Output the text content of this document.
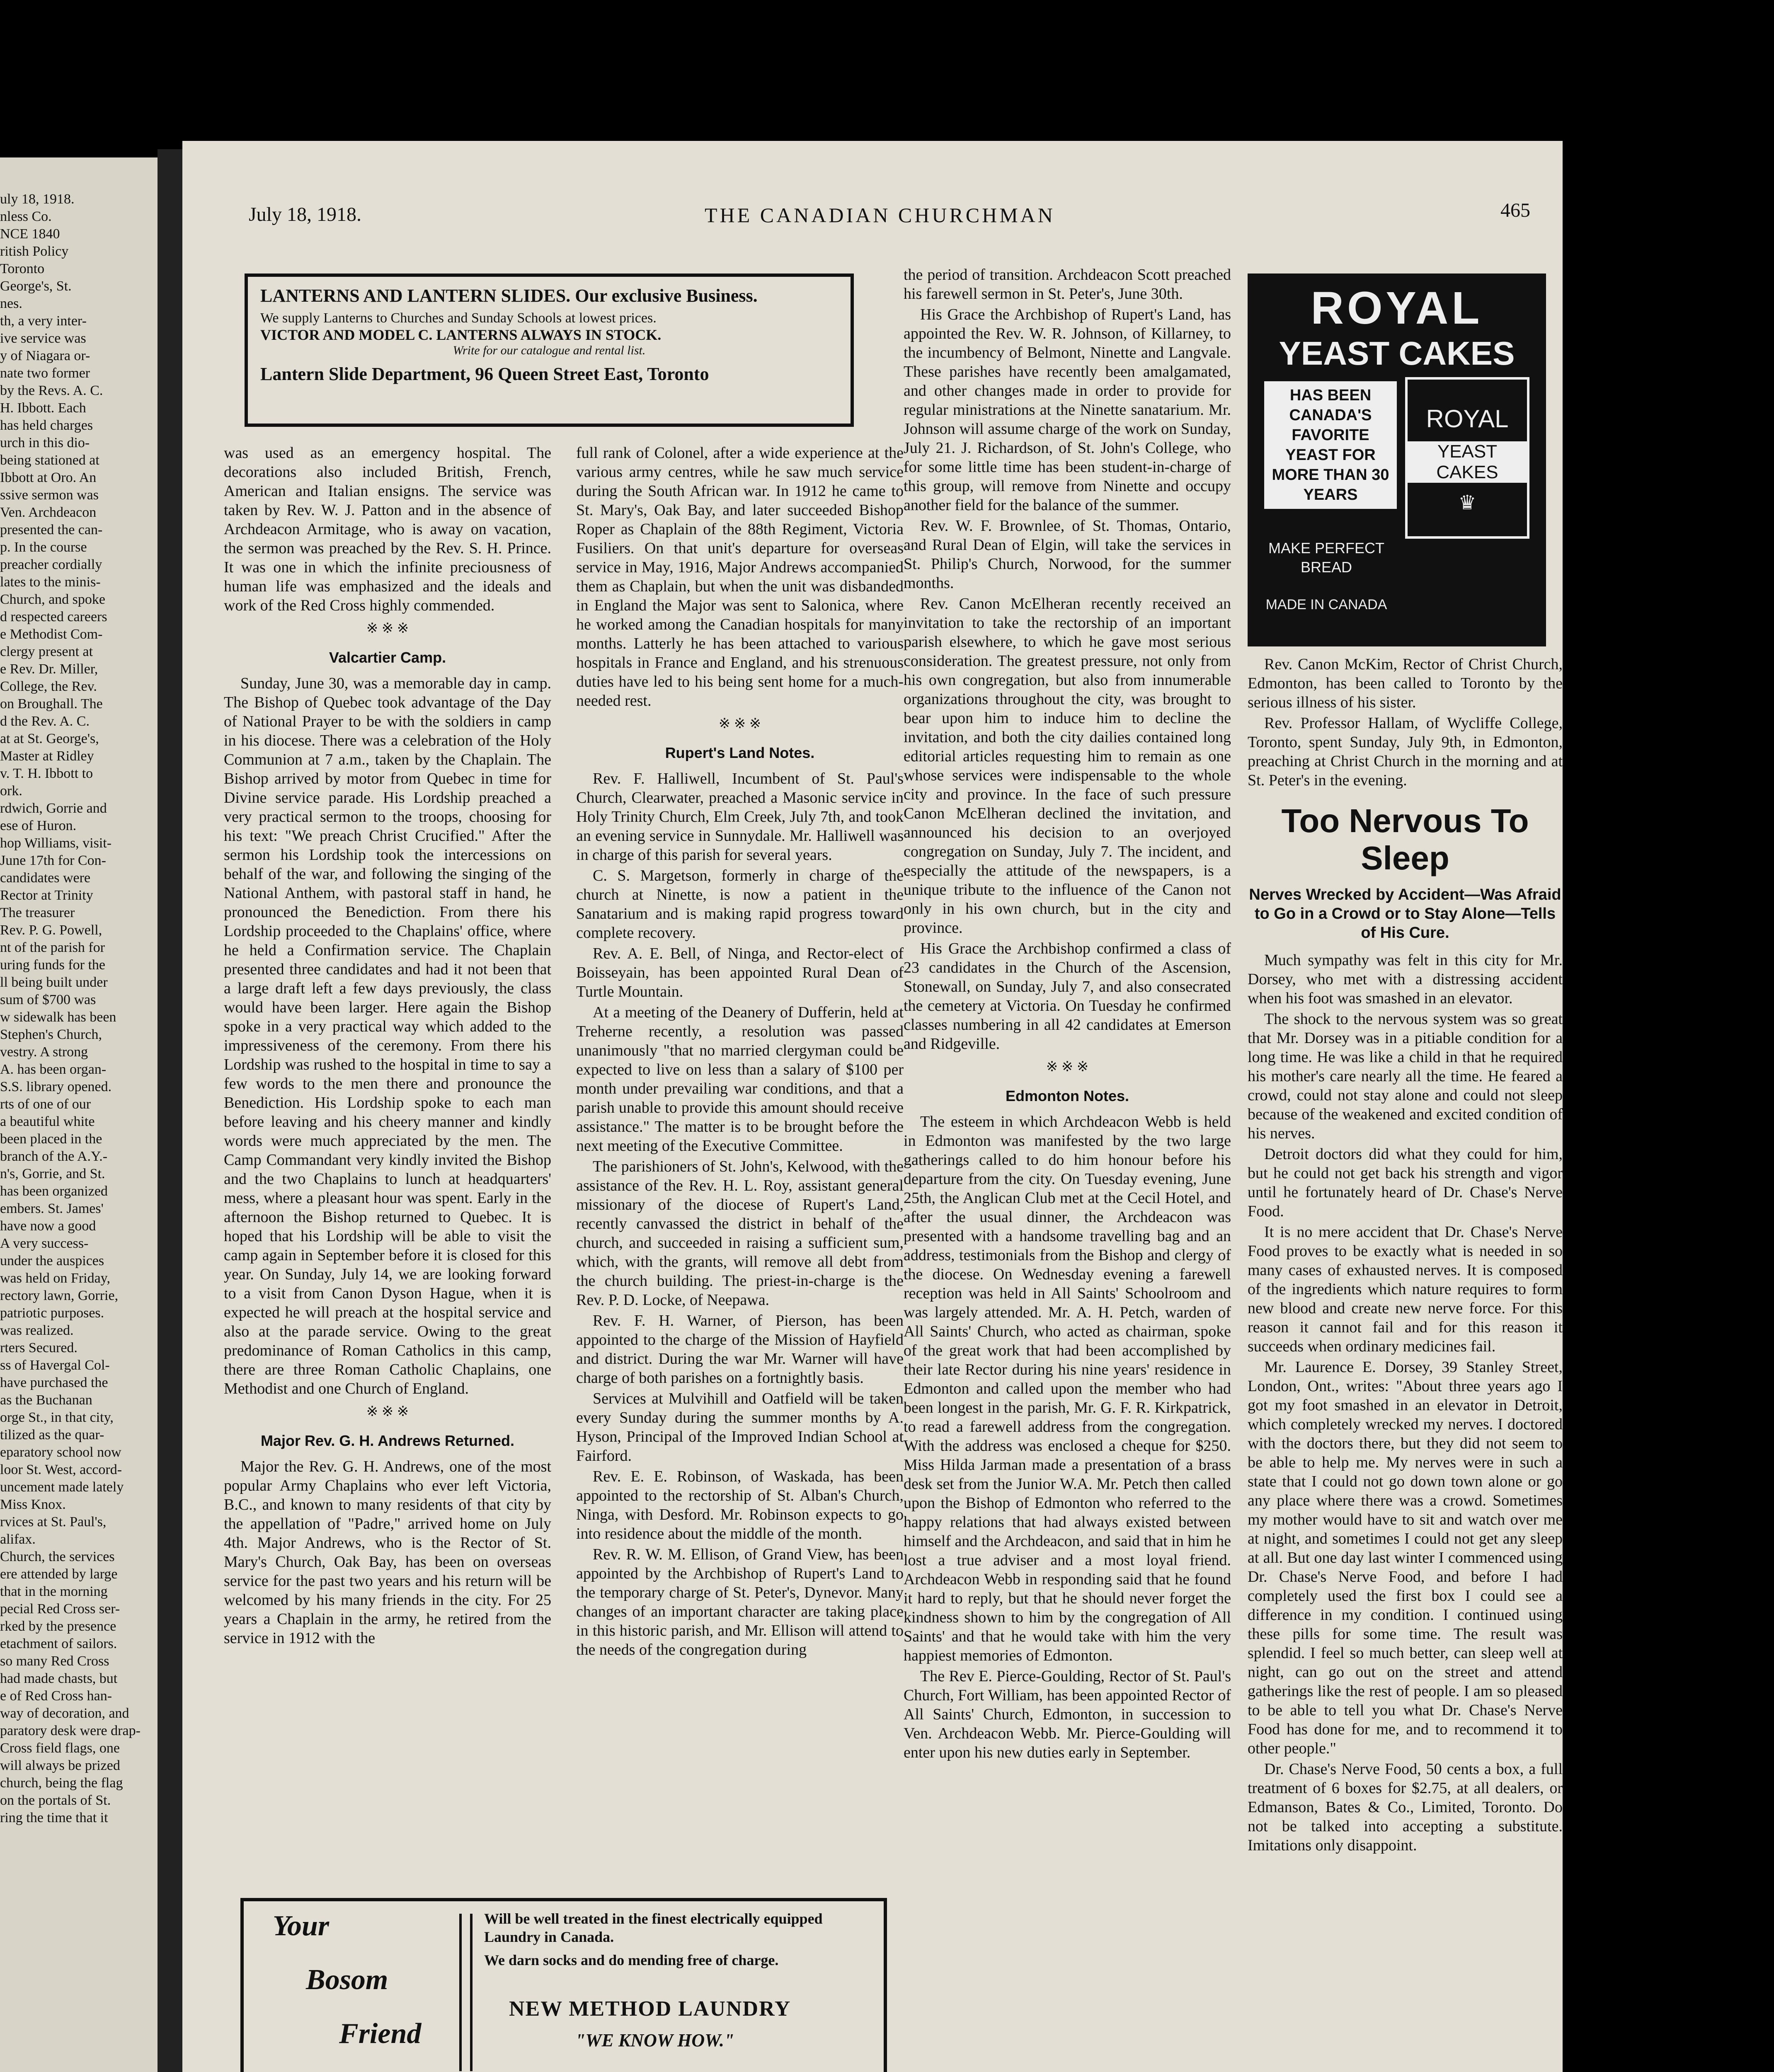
uly 18, 1918.
nless Co.
NCE 1840
ritish Policy
Toronto
George's, St.
nes.
th, a very inter-
ive service was
y of Niagara or-
nate two former
by the Revs. A. C.
H. Ibbott. Each
has held charges
urch in this dio-
being stationed at
Ibbott at Oro. An
ssive sermon was
Ven. Archdeacon
presented the can-
p. In the course
preacher cordially
lates to the minis-
Church, and spoke
d respected careers
e Methodist Com-
clergy present at
e Rev. Dr. Miller,
College, the Rev.
on Broughall. The
d the Rev. A. C.
at at St. George's,
Master at Ridley
v. T. H. Ibbott to
ork.
rdwich, Gorrie and
ese of Huron.
hop Williams, visit-
June 17th for Con-
candidates were
Rector at Trinity
The treasurer
Rev. P. G. Powell,
nt of the parish for
uring funds for the
ll being built under
sum of $700 was
w sidewalk has been
Stephen's Church,
vestry. A strong
A. has been organ-
S.S. library opened.
rts of one of our
a beautiful white
been placed in the
branch of the A.Y.-
n's, Gorrie, and St.
has been organized
embers. St. James'
have now a good
A very success-
under the auspices
was held on Friday,
rectory lawn, Gorrie,
patriotic purposes.
was realized.
rters Secured.
ss of Havergal Col-
have purchased the
as the Buchanan
orge St., in that city,
tilized as the quar-
eparatory school now
loor St. West, accord-
uncement made lately
Miss Knox.
rvices at St. Paul's,
alifax.
Church, the services
ere attended by large
that in the morning
pecial Red Cross ser-
rked by the presence
etachment of sailors.
so many Red Cross
had made chasts, but
e of Red Cross han-
way of decoration, and
paratory desk were drap-
Cross field flags, one
will always be prized
church, being the flag
on the portals of St.
ring the time that it
July 18, 1918.	THE CANADIAN CHURCHMAN	465
LANTERNS AND LANTERN SLIDES. Our exclusive Business.
We supply Lanterns to Churches and Sunday Schools at lowest prices.
VICTOR AND MODEL C. LANTERNS ALWAYS IN STOCK.
Write for our catalogue and rental list.
Lantern Slide Department, 96 Queen Street East, Toronto

was used as an emergency hospital. The decorations also included British, French, American and Italian ensigns. The service was taken by Rev. W. J. Patton and in the absence of Archdeacon Armitage, who is away on vacation, the sermon was preached by the Rev. S. H. Prince. It was one in which the infinite preciousness of human life was emphasized and the ideals and work of the Red Cross highly commended.

※ ※ ※
Valcartier Camp.

Sunday, June 30, was a memorable day in camp. The Bishop of Quebec took advantage of the Day of National Prayer to be with the soldiers in camp in his diocese. There was a celebration of the Holy Communion at 7 a.m., taken by the Chaplain. The Bishop arrived by motor from Quebec in time for Divine service parade. His Lordship preached a very practical sermon to the troops, choosing for his text: "We preach Christ Crucified." After the sermon his Lordship took the intercessions on behalf of the war, and following the singing of the National Anthem, with pastoral staff in hand, he pronounced the Benediction. From there his Lordship proceeded to the Chaplains' office, where he held a Confirmation service. The Chaplain presented three candidates and had it not been that a large draft left a few days previously, the class would have been larger. Here again the Bishop spoke in a very practical way which added to the impressiveness of the ceremony. From there his Lordship was rushed to the hospital in time to say a few words to the men there and pronounce the Benediction. His Lordship spoke to each man before leaving and his cheery manner and kindly words were much appreciated by the men. The Camp Commandant very kindly invited the Bishop and the two Chaplains to lunch at headquarters' mess, where a pleasant hour was spent. Early in the afternoon the Bishop returned to Quebec. It is hoped that his Lordship will be able to visit the camp again in September before it is closed for this year. On Sunday, July 14, we are looking forward to a visit from Canon Dyson Hague, when it is expected he will preach at the hospital service and also at the parade service. Owing to the great predominance of Roman Catholics in this camp, there are three Roman Catholic Chaplains, one Methodist and one Church of England.

※ ※ ※
Major Rev. G. H. Andrews Returned.

Major the Rev. G. H. Andrews, one of the most popular Army Chaplains who ever left Victoria, B.C., and known to many residents of that city by the appellation of "Padre," arrived home on July 4th. Major Andrews, who is the Rector of St. Mary's Church, Oak Bay, has been on overseas service for the past two years and his return will be welcomed by his many friends in the city. For 25 years a Chaplain in the army, he retired from the service in 1912 with the

full rank of Colonel, after a wide experience at the various army centres, while he saw much service during the South African war. In 1912 he came to St. Mary's, Oak Bay, and later succeeded Bishop Roper as Chaplain of the 88th Regiment, Victoria Fusiliers. On that unit's departure for overseas service in May, 1916, Major Andrews accompanied them as Chaplain, but when the unit was disbanded in England the Major was sent to Salonica, where he worked among the Canadian hospitals for many months. Latterly he has been attached to various hospitals in France and England, and his strenuous duties have led to his being sent home for a much-needed rest.

※ ※ ※
Rupert's Land Notes.

Rev. F. Halliwell, Incumbent of St. Paul's Church, Clearwater, preached a Masonic service in Holy Trinity Church, Elm Creek, July 7th, and took an evening service in Sunnydale. Mr. Halliwell was in charge of this parish for several years.

C. S. Margetson, formerly in charge of the church at Ninette, is now a patient in the Sanatarium and is making rapid progress toward complete recovery.

Rev. A. E. Bell, of Ninga, and Rector-elect of Boisseyain, has been appointed Rural Dean of Turtle Mountain.

At a meeting of the Deanery of Dufferin, held at Treherne recently, a resolution was passed unanimously "that no married clergyman could be expected to live on less than a salary of $100 per month under prevailing war conditions, and that a parish unable to provide this amount should receive assistance." The matter is to be brought before the next meeting of the Executive Committee.

The parishioners of St. John's, Kelwood, with the assistance of the Rev. H. L. Roy, assistant general missionary of the diocese of Rupert's Land, recently canvassed the district in behalf of the church, and succeeded in raising a sufficient sum, which, with the grants, will remove all debt from the church building. The priest-in-charge is the Rev. P. D. Locke, of Neepawa.

Rev. F. H. Warner, of Pierson, has been appointed to the charge of the Mission of Hayfield and district. During the war Mr. Warner will have charge of both parishes on a fortnightly basis.

Services at Mulvihill and Oatfield will be taken every Sunday during the summer months by A. Hyson, Principal of the Improved Indian School at Fairford.

Rev. E. E. Robinson, of Waskada, has been appointed to the rectorship of St. Alban's Church, Ninga, with Desford. Mr. Robinson expects to go into residence about the middle of the month.

Rev. R. W. M. Ellison, of Grand View, has been appointed by the Archbishop of Rupert's Land to the temporary charge of St. Peter's, Dynevor. Many changes of an important character are taking place in this historic parish, and Mr. Ellison will attend to the needs of the congregation during

the period of transition. Archdeacon Scott preached his farewell sermon in St. Peter's, June 30th.

His Grace the Archbishop of Rupert's Land, has appointed the Rev. W. R. Johnson, of Killarney, to the incumbency of Belmont, Ninette and Langvale. These parishes have recently been amalgamated, and other changes made in order to provide for regular ministrations at the Ninette sanatarium. Mr. Johnson will assume charge of the work on Sunday, July 21. J. Richardson, of St. John's College, who for some little time has been student-in-charge of this group, will remove from Ninette and occupy another field for the balance of the summer.

Rev. W. F. Brownlee, of St. Thomas, Ontario, and Rural Dean of Elgin, will take the services in St. Philip's Church, Norwood, for the summer months.

Rev. Canon McElheran recently received an invitation to take the rectorship of an important parish elsewhere, to which he gave most serious consideration. The greatest pressure, not only from his own congregation, but also from innumerable organizations throughout the city, was brought to bear upon him to induce him to decline the invitation, and both the city dailies contained long editorial articles requesting him to remain as one whose services were indispensable to the whole city and province. In the face of such pressure Canon McElheran declined the invitation, and announced his decision to an overjoyed congregation on Sunday, July 7. The incident, and especially the attitude of the newspapers, is a unique tribute to the influence of the Canon not only in his own church, but in the city and province.

His Grace the Archbishop confirmed a class of 23 candidates in the Church of the Ascension, Stonewall, on Sunday, July 7, and also consecrated the cemetery at Victoria. On Tuesday he confirmed classes numbering in all 42 candidates at Emerson and Ridgeville.

※ ※ ※
Edmonton Notes.

The esteem in which Archdeacon Webb is held in Edmonton was manifested by the two large gatherings called to do him honour before his departure from the city. On Tuesday evening, June 25th, the Anglican Club met at the Cecil Hotel, and after the usual dinner, the Archdeacon was presented with a handsome travelling bag and an address, testimonials from the Bishop and clergy of the diocese. On Wednesday evening a farewell reception was held in All Saints' Schoolroom and was largely attended. Mr. A. H. Petch, warden of All Saints' Church, who acted as chairman, spoke of the great work that had been accomplished by their late Rector during his nine years' residence in Edmonton and called upon the member who had been longest in the parish, Mr. G. F. R. Kirkpatrick, to read a farewell address from the congregation. With the address was enclosed a cheque for $250. Miss Hilda Jarman made a presentation of a brass desk set from the Junior W.A. Mr. Petch then called upon the Bishop of Edmonton who referred to the happy relations that had always existed between himself and the Archdeacon, and said that in him he lost a true adviser and a most loyal friend. Archdeacon Webb in responding said that he found it hard to reply, but that he should never forget the kindness shown to him by the congregation of All Saints' and that he would take with him the very happiest memories of Edmonton.

The Rev E. Pierce-Goulding, Rector of St. Paul's Church, Fort William, has been appointed Rector of All Saints' Church, Edmonton, in succession to Ven. Archdeacon Webb. Mr. Pierce-Goulding will enter upon his new duties early in September.

ROYAL
YEAST CAKES
HAS BEEN CANADA'S FAVORITE YEAST FOR MORE THAN 30 YEARS
ROYAL
YEAST CAKES
♛
MAKE PERFECT BREAD
MADE IN CANADA

Rev. Canon McKim, Rector of Christ Church, Edmonton, has been called to Toronto by the serious illness of his sister.

Rev. Professor Hallam, of Wycliffe College, Toronto, spent Sunday, July 9th, in Edmonton, preaching at Christ Church in the morning and at St. Peter's in the evening.

Too Nervous To Sleep
Nerves Wrecked by Accident—Was Afraid to Go in a Crowd or to Stay Alone—Tells of His Cure.

Much sympathy was felt in this city for Mr. Dorsey, who met with a distressing accident when his foot was smashed in an elevator.

The shock to the nervous system was so great that Mr. Dorsey was in a pitiable condition for a long time. He was like a child in that he required his mother's care nearly all the time. He feared a crowd, could not stay alone and could not sleep because of the weakened and excited condition of his nerves.

Detroit doctors did what they could for him, but he could not get back his strength and vigor until he fortunately heard of Dr. Chase's Nerve Food.

It is no mere accident that Dr. Chase's Nerve Food proves to be exactly what is needed in so many cases of exhausted nerves. It is composed of the ingredients which nature requires to form new blood and create new nerve force. For this reason it cannot fail and for this reason it succeeds when ordinary medicines fail.

Mr. Laurence E. Dorsey, 39 Stanley Street, London, Ont., writes: "About three years ago I got my foot smashed in an elevator in Detroit, which completely wrecked my nerves. I doctored with the doctors there, but they did not seem to be able to help me. My nerves were in such a state that I could not go down town alone or go any place where there was a crowd. Sometimes my mother would have to sit and watch over me at night, and sometimes I could not get any sleep at all. But one day last winter I commenced using Dr. Chase's Nerve Food, and before I had completely used the first box I could see a difference in my condition. I continued using these pills for some time. The result was splendid. I feel so much better, can sleep well at night, can go out on the street and attend gatherings like the rest of people. I am so pleased to be able to tell you what Dr. Chase's Nerve Food has done for me, and to recommend it to other people."

Dr. Chase's Nerve Food, 50 cents a box, a full treatment of 6 boxes for $2.75, at all dealers, or Edmanson, Bates & Co., Limited, Toronto. Do not be talked into accepting a substitute. Imitations only disappoint.

Your
Bosom
Friend
Will be well treated in the finest electrically equipped Laundry in Canada.
We darn socks and do mending free of charge.
NEW METHOD LAUNDRY
"WE KNOW HOW."
